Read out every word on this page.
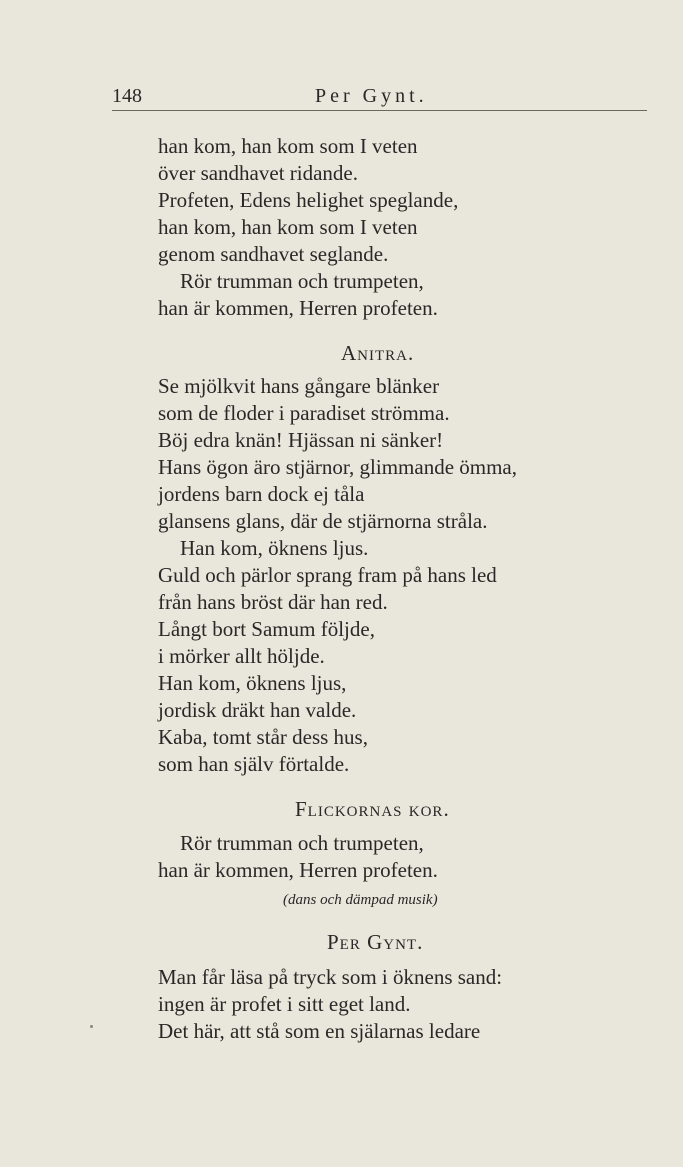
148	Per Gynt.
han kom, han kom som I veten
över sandhavet ridande.
Profeten, Edens helighet speglande,
han kom, han kom som I veten
genom sandhavet seglande.
Rör trumman och trumpeten,
han är kommen, Herren profeten.
Anitra.
Se mjölkvit hans gångare blänker
som de floder i paradiset strömma.
Böj edra knän! Hjässan ni sänker!
Hans ögon äro stjärnor, glimmande ömma,
jordens barn dock ej tåla
glansens glans, där de stjärnorna stråla.
Han kom, öknens ljus.
Guld och pärlor sprang fram på hans led
från hans bröst där han red.
Långt bort Samum följde,
i mörker allt höljde.
Han kom, öknens ljus,
jordisk dräkt han valde.
Kaba, tomt står dess hus,
som han själv förtalde.
Flickornas kor.
Rör trumman och trumpeten,
han är kommen, Herren profeten.
(dans och dämpad musik)
Per Gynt.
Man får läsa på tryck som i öknens sand:
ingen är profet i sitt eget land.
Det här, att stå som en själarnas ledare
